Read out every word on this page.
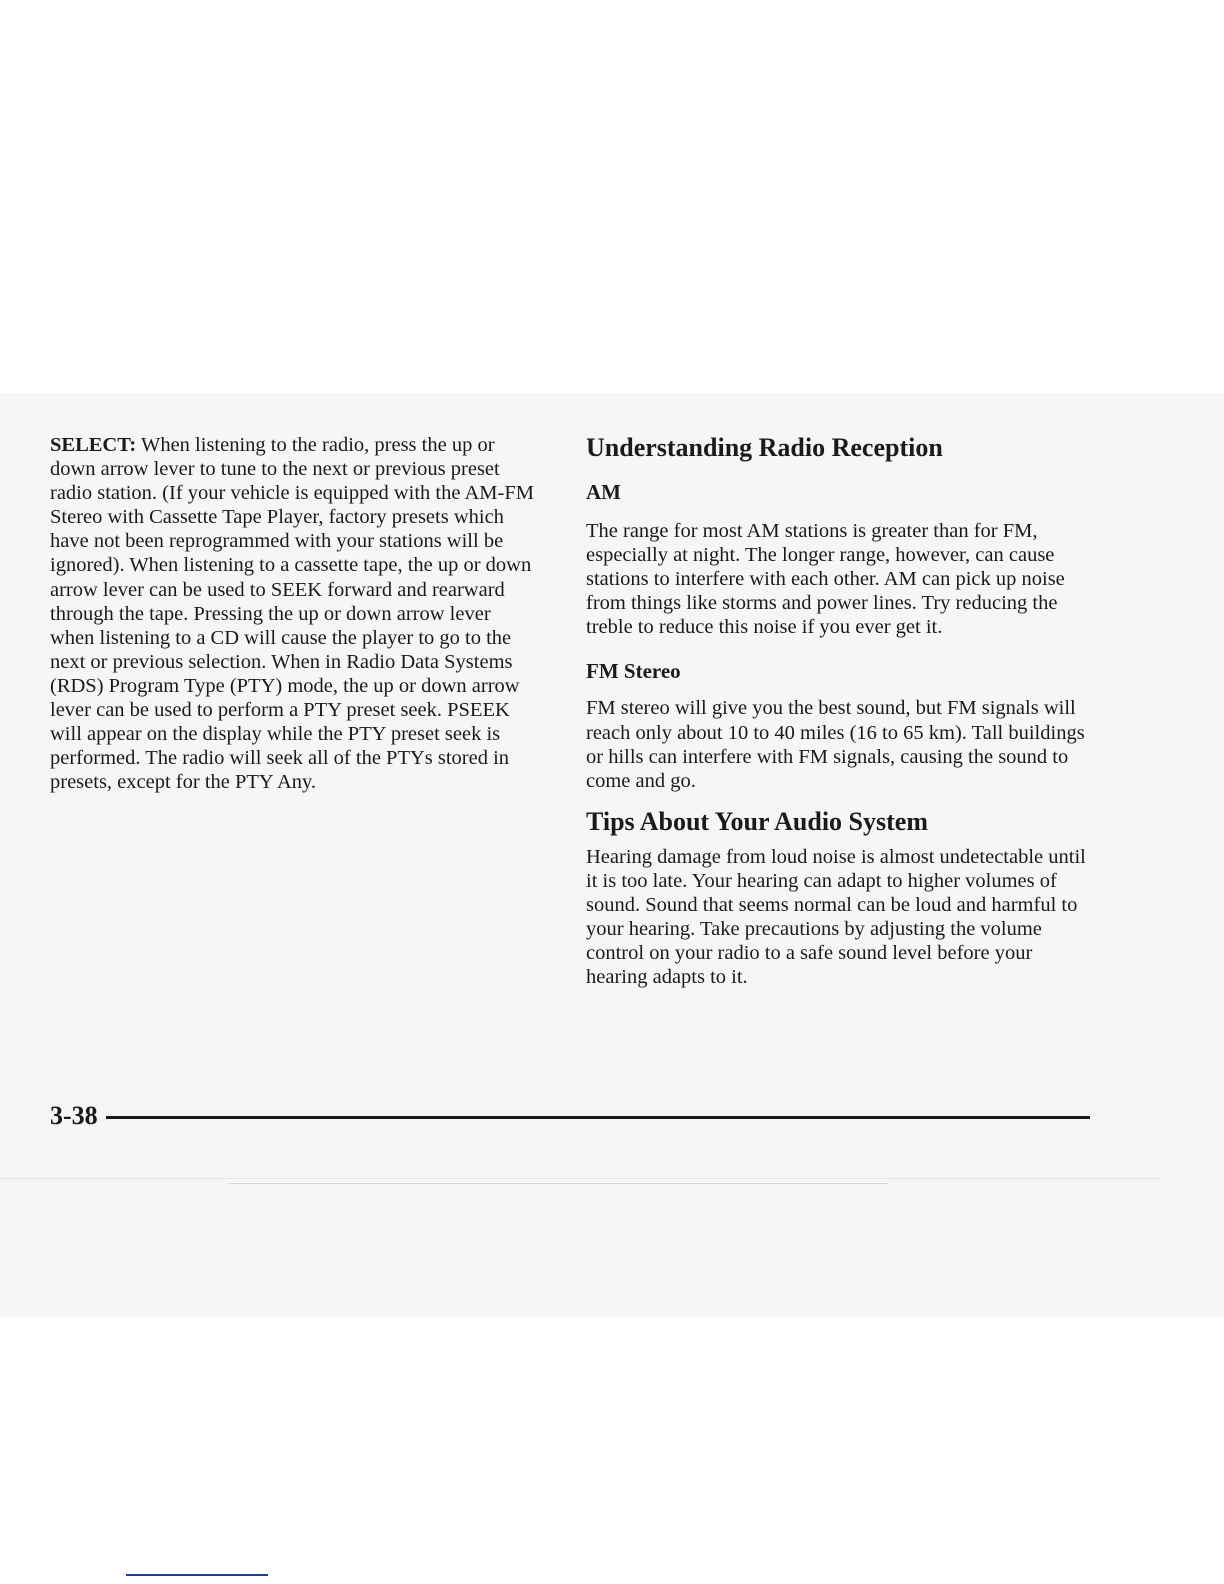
SELECT: When listening to the radio, press the up or down arrow lever to tune to the next or previous preset radio station. (If your vehicle is equipped with the AM-FM Stereo with Cassette Tape Player, factory presets which have not been reprogrammed with your stations will be ignored). When listening to a cassette tape, the up or down arrow lever can be used to SEEK forward and rearward through the tape. Pressing the up or down arrow lever when listening to a CD will cause the player to go to the next or previous selection. When in Radio Data Systems (RDS) Program Type (PTY) mode, the up or down arrow lever can be used to perform a PTY preset seek. PSEEK will appear on the display while the PTY preset seek is performed. The radio will seek all of the PTYs stored in presets, except for the PTY Any.

Understanding Radio Reception
AM

The range for most AM stations is greater than for FM, especially at night. The longer range, however, can cause stations to interfere with each other. AM can pick up noise from things like storms and power lines. Try reducing the treble to reduce this noise if you ever get it.

FM Stereo

FM stereo will give you the best sound, but FM signals will reach only about 10 to 40 miles (16 to 65 km). Tall buildings or hills can interfere with FM signals, causing the sound to come and go.

Tips About Your Audio System

Hearing damage from loud noise is almost undetectable until it is too late. Your hearing can adapt to higher volumes of sound. Sound that seems normal can be loud and harmful to your hearing. Take precautions by adjusting the volume control on your radio to a safe sound level before your hearing adapts to it.

3-38
